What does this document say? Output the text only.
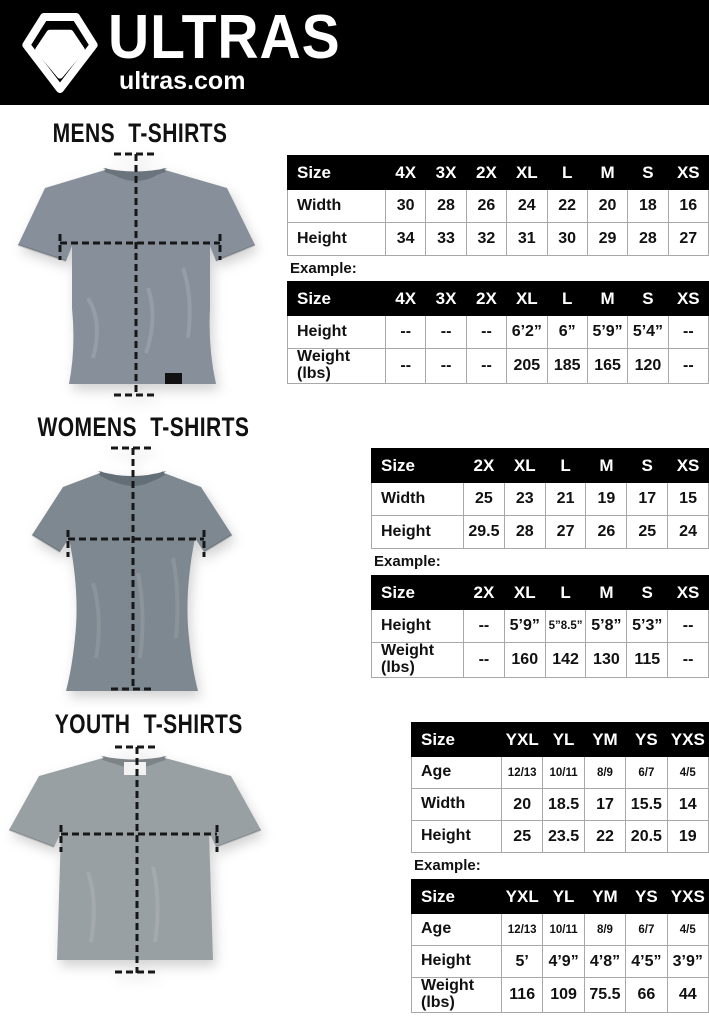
ULTRAS
ultras.com
MENS T-SHIRTS
Size	4X	3X	2X	XL	L	M	S	XS
Width	30	28	26	24	22	20	18	16
Height	34	33	32	31	30	29	28	27
Example:
Size	4X	3X	2X	XL	L	M	S	XS
Height	--	--	--	6’2”	6”	5’9”	5’4”	--
Weight (lbs)	--	--	--	205	185	165	120	--
WOMENS T-SHIRTS
Size	2X	XL	L	M	S	XS
Width	25	23	21	19	17	15
Height	29.5	28	27	26	25	24
Example:
Size	2X	XL	L	M	S	XS
Height	--	5’9”	5”8.5”	5’8”	5’3”	--
Weight (lbs)	--	160	142	130	115	--
YOUTH T-SHIRTS	Size	YXL	YL	YM	YS	YXS
Age	12/13	10/11	8/9	6/7	4/5
Width	20	18.5	17	15.5	14
Height	25	23.5	22	20.5	19
Example:
Size	YXL	YL	YM	YS	YXS
Age	12/13	10/11	8/9	6/7	4/5
Height	5’	4’9”	4’8”	4’5”	3’9”
Weight (lbs)	116	109	75.5	66	44
